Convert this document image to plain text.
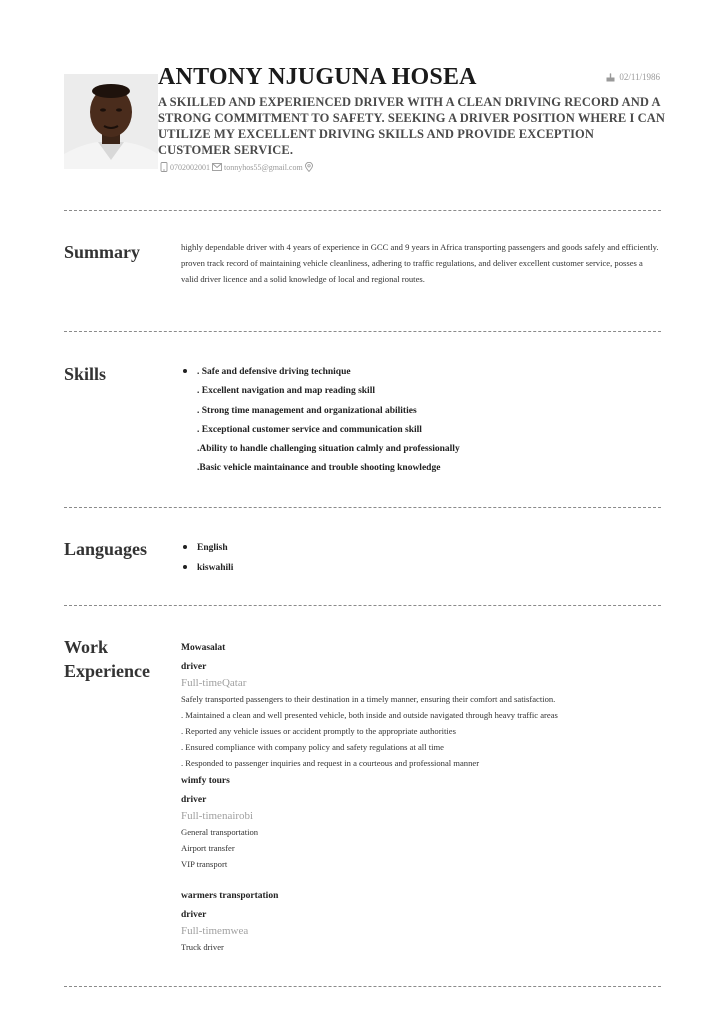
ANTONY NJUGUNA HOSEA	02/11/1986
A SKILLED AND EXPERIENCED DRIVER WITH A CLEAN DRIVING RECORD AND A STRONG COMMITMENT TO SAFETY. SEEKING A DRIVER POSITION WHERE I CAN UTILIZE MY EXCELLENT DRIVING SKILLS AND PROVIDE EXCEPTION CUSTOMER SERVICE.
0702002001 tonnyhos55@gmail.com
Summary	highly dependable driver with 4 years of experience in GCC and 9 years in Africa transporting passengers and goods safely and efficiently. proven track record of maintaining vehicle cleanliness, adhering to traffic regulations, and deliver excellent customer service, posses a valid driver licence and a solid knowledge of local and regional routes.
Skills	. Safe and defensive driving technique
. Excellent navigation and map reading skill
. Strong time management and organizational abilities
. Exceptional customer service and communication skill
.Ability to handle challenging situation calmly and professionally
.Basic vehicle maintainance and trouble shooting knowledge
Languages	English
kiswahili
Work
Experience
Mowasalat
driver
Full-timeQatar
Safely transported passengers to their destination in a timely manner, ensuring their comfort and satisfaction.
. Maintained a clean and well presented vehicle, both inside and outside navigated through heavy traffic areas
. Reported any vehicle issues or accident promptly to the appropriate authorities
. Ensured compliance with company policy and safety regulations at all time
. Responded to passenger inquiries and request in a courteous and professional manner
wimfy tours
driver
Full-timenairobi
General transportation
Airport transfer
VIP transport
warmers transportation
driver
Full-timemwea
Truck driver
